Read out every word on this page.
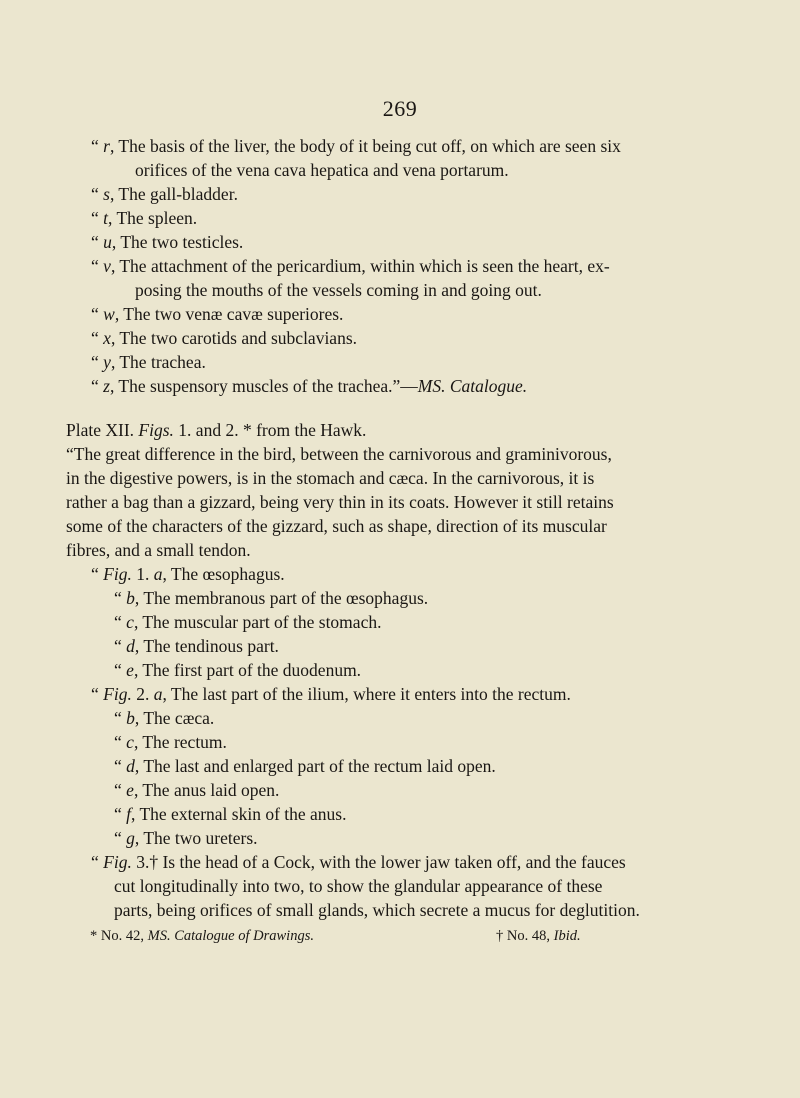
269
“ r, The basis of the liver, the body of it being cut off, on which are seen six
orifices of the vena cava hepatica and vena portarum.
“ s, The gall-bladder.
“ t, The spleen.
“ u, The two testicles.
“ v, The attachment of the pericardium, within which is seen the heart, ex-
posing the mouths of the vessels coming in and going out.
“ w, The two venæ cavæ superiores.
“ x, The two carotids and subclavians.
“ y, The trachea.
“ z, The suspensory muscles of the trachea.”—MS. Catalogue.
Plate XII. Figs. 1. and 2. * from the Hawk.
“The great difference in the bird, between the carnivorous and graminivorous,
in the digestive powers, is in the stomach and cæca. In the carnivorous, it is
rather a bag than a gizzard, being very thin in its coats. However it still retains
some of the characters of the gizzard, such as shape, direction of its muscular
fibres, and a small tendon.
“ Fig. 1. a, The œsophagus.
“ b, The membranous part of the œsophagus.
“ c, The muscular part of the stomach.
“ d, The tendinous part.
“ e, The first part of the duodenum.
“ Fig. 2. a, The last part of the ilium, where it enters into the rectum.
“ b, The cæca.
“ c, The rectum.
“ d, The last and enlarged part of the rectum laid open.
“ e, The anus laid open.
“ f, The external skin of the anus.
“ g, The two ureters.
“ Fig. 3.† Is the head of a Cock, with the lower jaw taken off, and the fauces
cut longitudinally into two, to show the glandular appearance of these
parts, being orifices of small glands, which secrete a mucus for deglutition.
* No. 42, MS. Catalogue of Drawings.	† No. 48, Ibid.
